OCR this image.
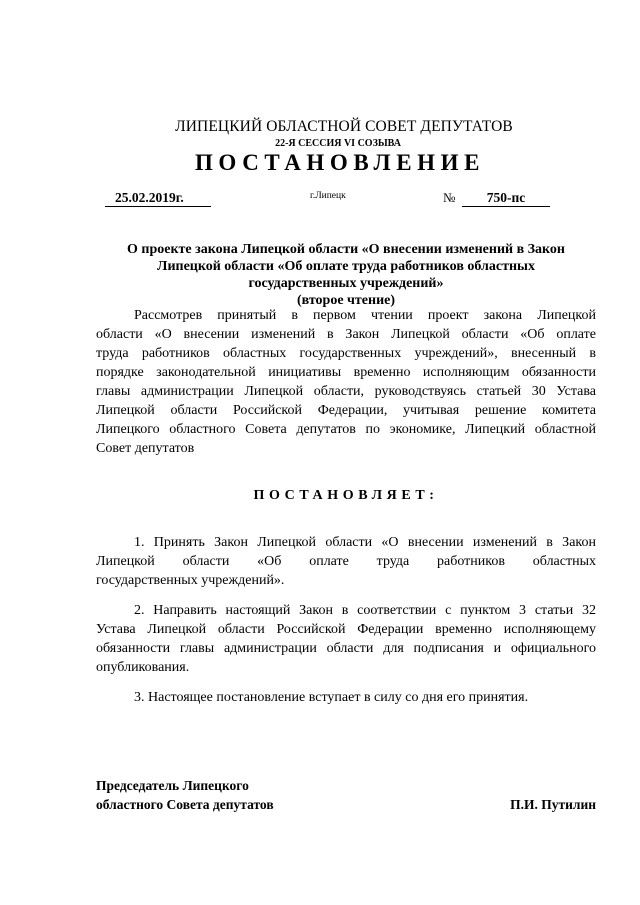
ЛИПЕЦКИЙ ОБЛАСТНОЙ СОВЕТ ДЕПУТАТОВ
22-Я СЕССИЯ VI СОЗЫВА
ПОСТАНОВЛЕНИЕ
25.02.2019г.	г.Липецк	№	750-пс
О проекте закона Липецкой области «О внесении изменений в Закон
Липецкой области «Об оплате труда работников областных
государственных учреждений»
(второе чтение)
Рассмотрев принятый в первом чтении проект закона Липецкой
области «О внесении изменений в Закон Липецкой области «Об оплате
труда работников областных государственных учреждений», внесенный в
порядке законодательной инициативы временно исполняющим обязанности
главы администрации Липецкой области, руководствуясь статьей 30 Устава
Липецкой области Российской Федерации, учитывая решение комитета
Липецкого областного Совета депутатов по экономике, Липецкий областной
Совет депутатов
ПОСТАНОВЛЯЕТ:
1. Принять Закон Липецкой области «О внесении изменений в Закон
Липецкой области «Об оплате труда работников областных
государственных учреждений».
2. Направить настоящий Закон в соответствии с пунктом 3 статьи 32
Устава Липецкой области Российской Федерации временно исполняющему
обязанности главы администрации области для подписания и официального
опубликования.
3. Настоящее постановление вступает в силу со дня его принятия.
Председатель Липецкого
областного Совета депутатов	П.И. Путилин
